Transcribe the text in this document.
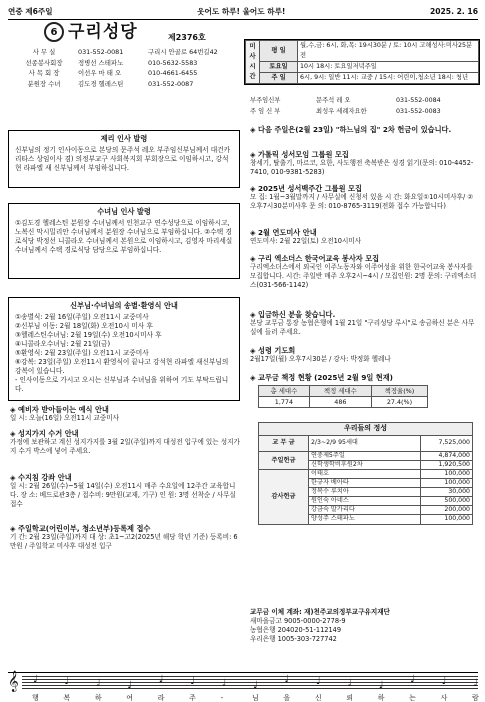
연중 제6주일	웃어도 하루! 울어도 하루!	2025. 2. 16
6 구리성당	제2376호
사 무 실	031-552-0081	구리시 안골로 64번길42
선종봉사회장	정병선 스테파노	010-5632-5583
사 목 회 장	이선우 마 태 오	010-4661-6455
분원장 수녀	김도경 헬레스틴	031-552-0087
미사시간	평 일	월,수,금: 6시, 화,목: 19시30분 / 토: 10시 고해성사:미사25분전
	토요일	10시 18시: 토요일저녁주일
	주 일	6시, 9시: 일반 11시: 교중 / 15시: 어린이,청소년 18시: 청년
부주임신부	문주석 레 오	031-552-0084
주 임 신 부	최성우 세례자요한	031-552-0083
제리 인사 발령

신부님의 정기 인사이동으로 본당의 문주석 레오 부주임신부님께서 대건카리타스 상임이사 겸) 의정부교구 사회복지회 부회장으로 이임하시고, 강석현 라파엘 새 신부님께서 부임하십니다.

수녀님 인사 발령

①김도경 헬레스틴 분원장 수녀님께서 인천교구 연수성당으로 이임하시고, 노복신 막시밀리안 수녀님께서 분원장 수녀님으로 부임하십니다. ②수택 경로식당 박정선 니콜라오 수녀님께서 본원으로 이임하시고, 김영자 마리세실 수녀님께서 수택 경로식당 담당으로 부임하십니다.

신부님·수녀님의 송별·환영식 안내

①송별식: 2월 16일(주일) 오전11시 교중미사

②신부님 이동: 2월 18일(화) 오전10시 미사 후

③헬레스틴수녀님: 2월 19일(수) 오전10시미사 후

④니콜라오수녀님: 2월 21일(금)

⑤환영식: 2월 23일(주일) 오전11시 교중미사

⑥강복: 23일(주일) 오전11시 환영식이 끝나고 강석현 라파엘 새신부님의 강복이 있습니다.

- 인사이동으로 가시고 오시는 신부님과 수녀님을 위하여 기도 부탁드립니다.

◈ 예비자 받아들이는 예식 안내

일 시: 오늘(16일) 오전11시 교중미사

◈ 성지가지 수거 안내

가정에 보관하고 계신 성지가지를 3월 2일(주일)까지 대성전 입구에 있는 성지가지 수거 박스에 넣어 주세요.

◈ 수지침 강좌 안내

일 시: 2월 26일(수)~5월 14일(수) 오전11시 매주 수요일에 12주간 교육합니다. 장 소: 베드로관3층 / 접수비: 9만원(교재, 기구) 인 원: 3명 선착순 / 사무실 접수

◈ 주일학교(어린이부, 청소년부)등록제 접수

기 간: 2월 23일(주일)까지 대 상: 초1~고2(2025년 해당 학년 기준) 등록비: 6만원 / 주일학교 미사후 대성전 입구

◈ 다음 주일은(2월 23일) "하느님의 집" 2차 헌금이 있습니다.
◈ 가톨릭 성서모임 그룹원 모집

창세기, 탈출기, 마르코, 요한, 사도행전 축복받은 성경 읽기(문의: 010-4452-7410, 010-9381-5283)

◈ 2025년 성서백주간 그룹원 모집

모 집: 1월~3월말까지 / 사무실에 신청서 있음 시 간: 화요일①10시미사후/ ②오후7시30분미사후 문 의: 010-8765-3119(전화 접수 가능합니다)

◈ 2월 연도미사 안내

연도미사: 2월 22일(토) 오전10시미사

◈ 구리 엑소더스 한국어교육 봉사자 모집

구리엑소더스에서 외국인 이주노동자와 이주여성을 위한 한국어교육 봉사자를 모집합니다. 시간: 주일반 매주 오후2시~4시 / 모집인원: 2명 문의: 구리엑소더스(031-566-1142)

◈ 입금하신 분을 찾습니다.

본당 교무금 통장 농협은행에 1월 21일 "구리성당 루시"로 송금하신 분은 사무실에 들러 주세요.

◈ 성령 기도회

2월17일(월) 오후7시30분 / 강사: 박정화 헬레나

◈ 교무금 책정 현황 (2025년 2월 9일 현재)
총 세대수	책정 세대수	책정율(%)
1,774	486	27.4(%)
우리들의 정성		
교 무 금	2/3~2/9 95세대	7,525,000
주일헌금	연중제5주일	4,874,000
	신학생학비후원2차	1,920,500
감사헌금	이태호	100,000
	한규자 베아타	100,000
	정복수 루치아	30,000
	원인숙 아네스	500,000
	강금숙 말가리다	200,000
	양성주 스테파노	100,000
교무금 이체 계좌: 재)천주교의정부교구유지재단
새마을금고 9005-0000-2778-9
농협은행 204020-51-112149
우리은행 1005-303-727742
𝄞
행
♩
복
♩
하
♩
여
♩
라
♩
주
♩
-
♩
님
♩
을
♩
신
♩
뢰
♩
하
♩
는
♩
사
♩
람
♩
